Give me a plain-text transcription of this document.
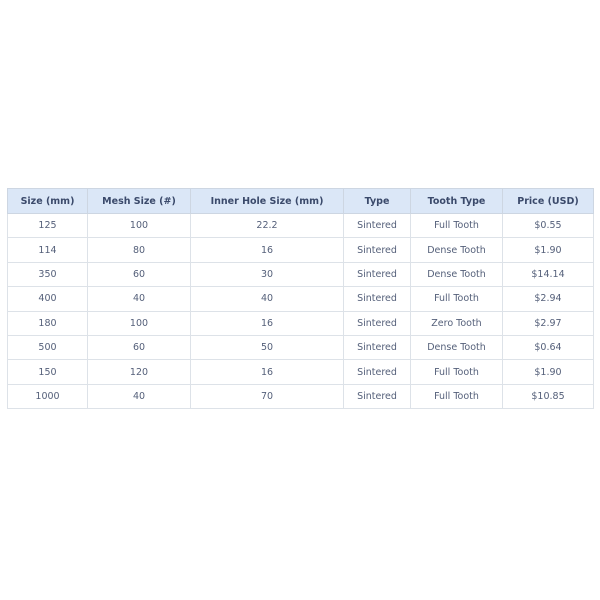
Size (mm)	Mesh Size (#)	Inner Hole Size (mm)	Type	Tooth Type	Price (USD)
125	100	22.2	Sintered	Full Tooth	$0.55
114	80	16	Sintered	Dense Tooth	$1.90
350	60	30	Sintered	Dense Tooth	$14.14
400	40	40	Sintered	Full Tooth	$2.94
180	100	16	Sintered	Zero Tooth	$2.97
500	60	50	Sintered	Dense Tooth	$0.64
150	120	16	Sintered	Full Tooth	$1.90
1000	40	70	Sintered	Full Tooth	$10.85
